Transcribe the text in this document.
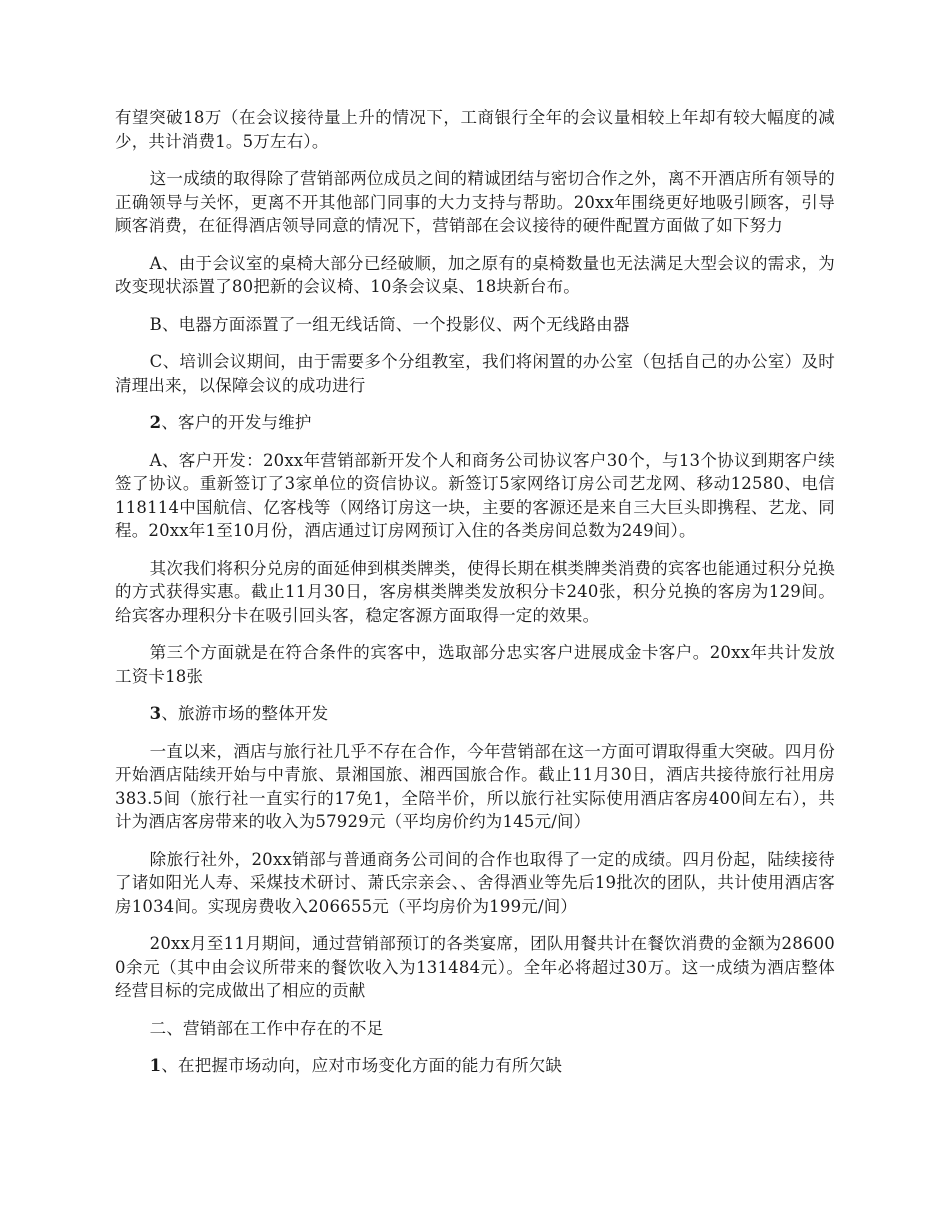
有望突破18万（在会议接待量上升的情况下，工商银行全年的会议量相较上年却有较大幅度的减少，共计消费1。5万左右）。

这一成绩的取得除了营销部两位成员之间的精诚团结与密切合作之外，离不开酒店所有领导的正确领导与关怀，更离不开其他部门同事的大力支持与帮助。20xx年围绕更好地吸引顾客，引导顾客消费，在征得酒店领导同意的情况下，营销部在会议接待的硬件配置方面做了如下努力

A、由于会议室的桌椅大部分已经破顺，加之原有的桌椅数量也无法满足大型会议的需求，为改变现状添置了80把新的会议椅、10条会议桌、18块新台布。

B、电器方面添置了一组无线话筒、一个投影仪、两个无线路由器

C、培训会议期间，由于需要多个分组教室，我们将闲置的办公室（包括自己的办公室）及时清理出来，以保障会议的成功进行

2、客户的开发与维护

A、客户开发：20xx年营销部新开发个人和商务公司协议客户30个，与13个协议到期客户续签了协议。重新签订了3家单位的资信协议。新签订5家网络订房公司艺龙网、移动12580、电信118114中国航信、亿客栈等（网络订房这一块，主要的客源还是来自三大巨头即携程、艺龙、同程。20xx年1至10月份，酒店通过订房网预订入住的各类房间总数为249间）。

其次我们将积分兑房的面延伸到棋类牌类，使得长期在棋类牌类消费的宾客也能通过积分兑换的方式获得实惠。截止11月30日，客房棋类牌类发放积分卡240张，积分兑换的客房为129间。给宾客办理积分卡在吸引回头客，稳定客源方面取得一定的效果。

第三个方面就是在符合条件的宾客中，选取部分忠实客户进展成金卡客户。20xx年共计发放工资卡18张

3、旅游市场的整体开发

一直以来，酒店与旅行社几乎不存在合作，今年营销部在这一方面可谓取得重大突破。四月份开始酒店陆续开始与中青旅、景湘国旅、湘西国旅合作。截止11月30日，酒店共接待旅行社用房383.5间（旅行社一直实行的17免1，全陪半价，所以旅行社实际使用酒店客房400间左右），共计为酒店客房带来的收入为57929元（平均房价约为145元/间）

除旅行社外，20xx销部与普通商务公司间的合作也取得了一定的成绩。四月份起，陆续接待了诸如阳光人寿、采煤技术研讨、萧氏宗亲会、、舍得酒业等先后19批次的团队，共计使用酒店客房1034间。实现房费收入206655元（平均房价为199元/间）

20xx月至11月期间，通过营销部预订的各类宴席，团队用餐共计在餐饮消费的金额为286000余元（其中由会议所带来的餐饮收入为131484元）。全年必将超过30万。这一成绩为酒店整体经营目标的完成做出了相应的贡献

二、营销部在工作中存在的不足

1、在把握市场动向，应对市场变化方面的能力有所欠缺
